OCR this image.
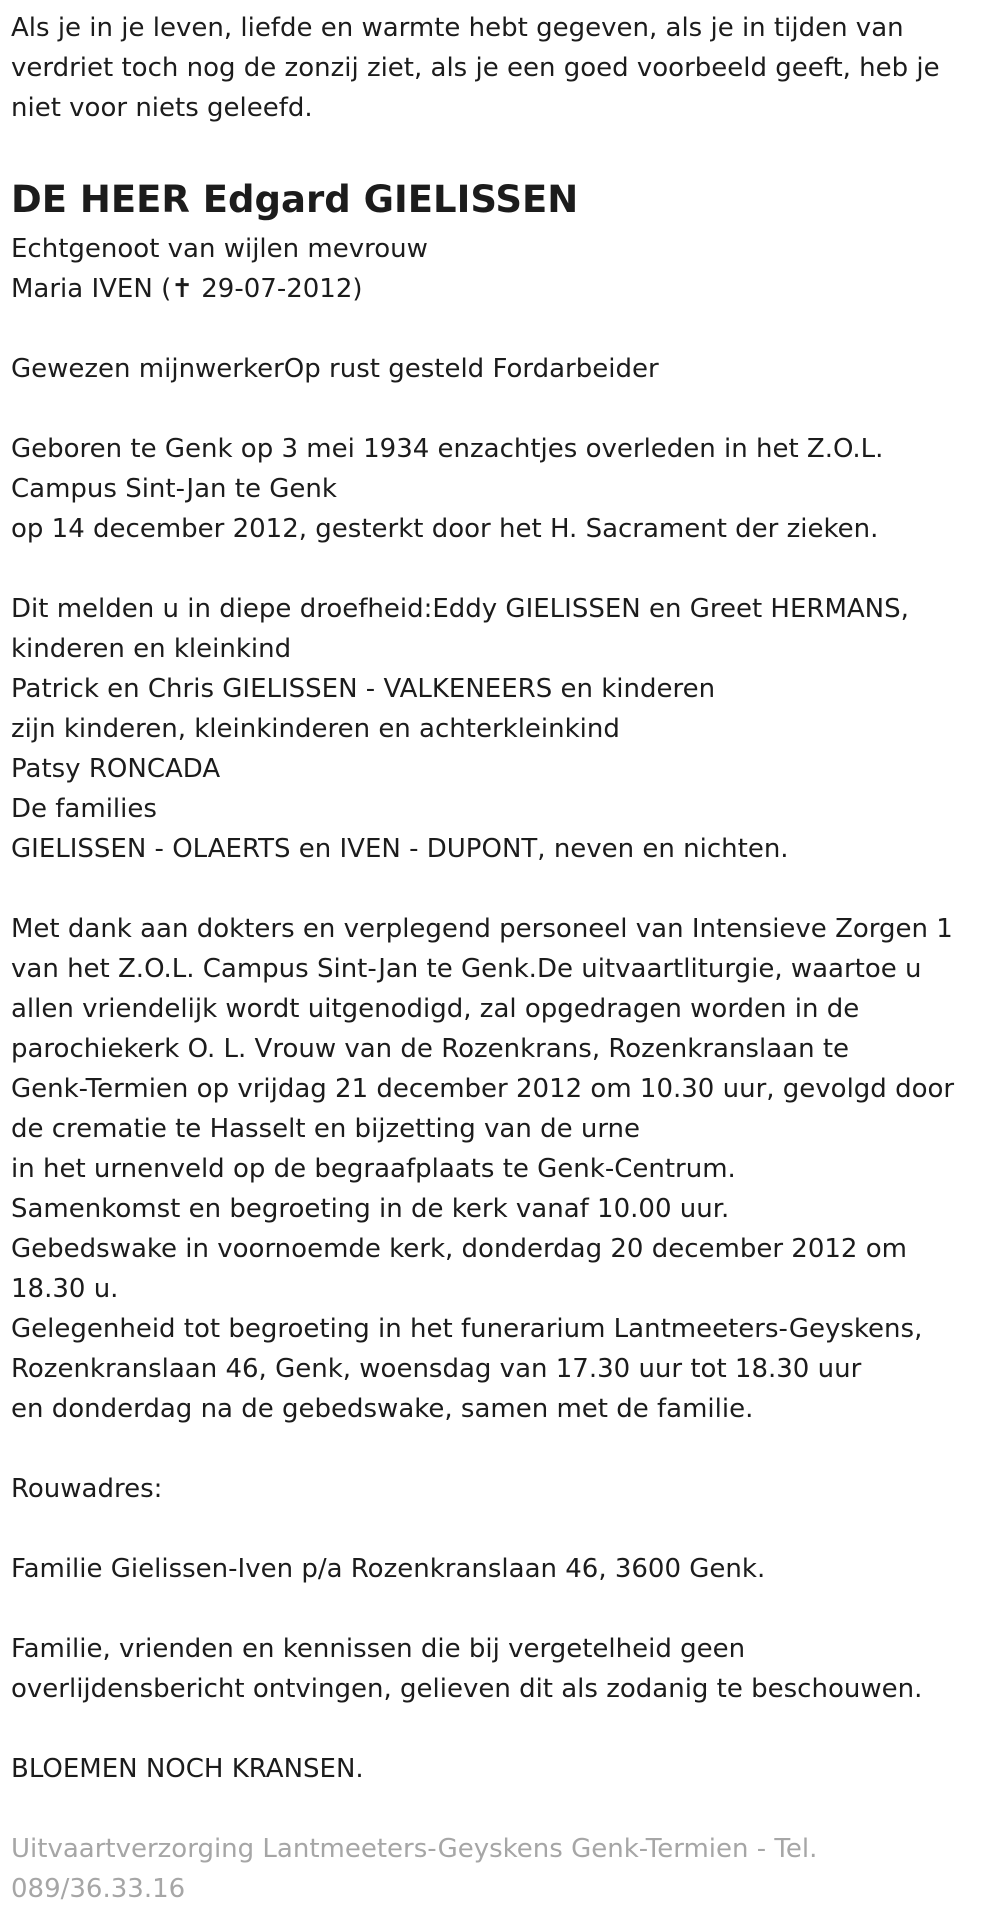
Als je in je leven, liefde en warmte hebt gegeven, als je in tijden van
verdriet toch nog de zonzij ziet, als je een goed voorbeeld geeft, heb je
niet voor niets geleefd.

DE HEER Edgard GIELISSEN

Echtgenoot van wijlen mevrouw
Maria IVEN (✝ 29-07-2012)

Gewezen mijnwerkerOp rust gesteld Fordarbeider

Geboren te Genk op 3 mei 1934 enzachtjes overleden in het Z.O.L.
Campus Sint-Jan te Genk
op 14 december 2012, gesterkt door het H. Sacrament der zieken.

Dit melden u in diepe droefheid:Eddy GIELISSEN en Greet HERMANS,
kinderen en kleinkind
Patrick en Chris GIELISSEN - VALKENEERS en kinderen
zijn kinderen, kleinkinderen en achterkleinkind
Patsy RONCADA
De families
GIELISSEN - OLAERTS en IVEN - DUPONT, neven en nichten.

Met dank aan dokters en verplegend personeel van Intensieve Zorgen 1
van het Z.O.L. Campus Sint-Jan te Genk.De uitvaartliturgie, waartoe u
allen vriendelijk wordt uitgenodigd, zal opgedragen worden in de
parochiekerk O. L. Vrouw van de Rozenkrans, Rozenkranslaan te
Genk-Termien op vrijdag 21 december 2012 om 10.30 uur, gevolgd door
de crematie te Hasselt en bijzetting van de urne
in het urnenveld op de begraafplaats te Genk-Centrum.
Samenkomst en begroeting in de kerk vanaf 10.00 uur.
Gebedswake in voornoemde kerk, donderdag 20 december 2012 om
18.30 u.
Gelegenheid tot begroeting in het funerarium Lantmeeters-Geyskens,
Rozenkranslaan 46, Genk, woensdag van 17.30 uur tot 18.30 uur
en donderdag na de gebedswake, samen met de familie.

Rouwadres:

Familie Gielissen-Iven p/a Rozenkranslaan 46, 3600 Genk.

Familie, vrienden en kennissen die bij vergetelheid geen
overlijdensbericht ontvingen, gelieven dit als zodanig te beschouwen.

BLOEMEN NOCH KRANSEN.

Uitvaartverzorging Lantmeeters-Geyskens Genk-Termien - Tel.
089/36.33.16
